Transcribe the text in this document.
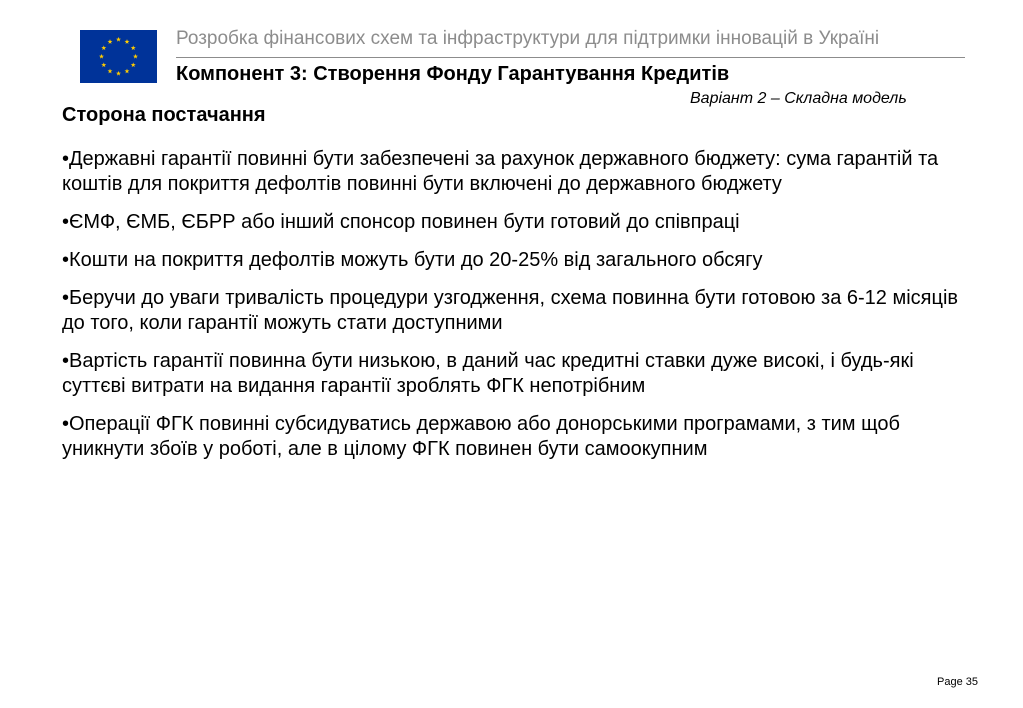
Розробка фінансових схем та інфраструктури для підтримки інновацій в Україні
Компонент 3: Створення Фонду Гарантування Кредитів
Варіант 2 – Складна модель
Сторона постачання
•Державні гарантії повинні бути забезпечені за рахунок державного бюджету: сума гарантій та коштів для покриття дефолтів повинні бути включені до державного бюджету
•ЄМФ, ЄМБ, ЄБРР або інший спонсор повинен бути готовий до співпраці
•Кошти на покриття дефолтів можуть бути до 20-25% від загального обсягу
•Беручи до уваги тривалість процедури узгодження, схема повинна бути готовою за 6-12 місяців до того, коли гарантії можуть стати доступними
•Вартість гарантії повинна бути низькою, в даний час кредитні ставки дуже високі, і будь-які суттєві витрати на видання гарантії зроблять ФГК непотрібним
•Операції ФГК повинні субсидуватись державою або донорськими програмами, з тим щоб уникнути збоїв у роботі, але в цілому ФГК повинен бути самоокупним
Page 35
